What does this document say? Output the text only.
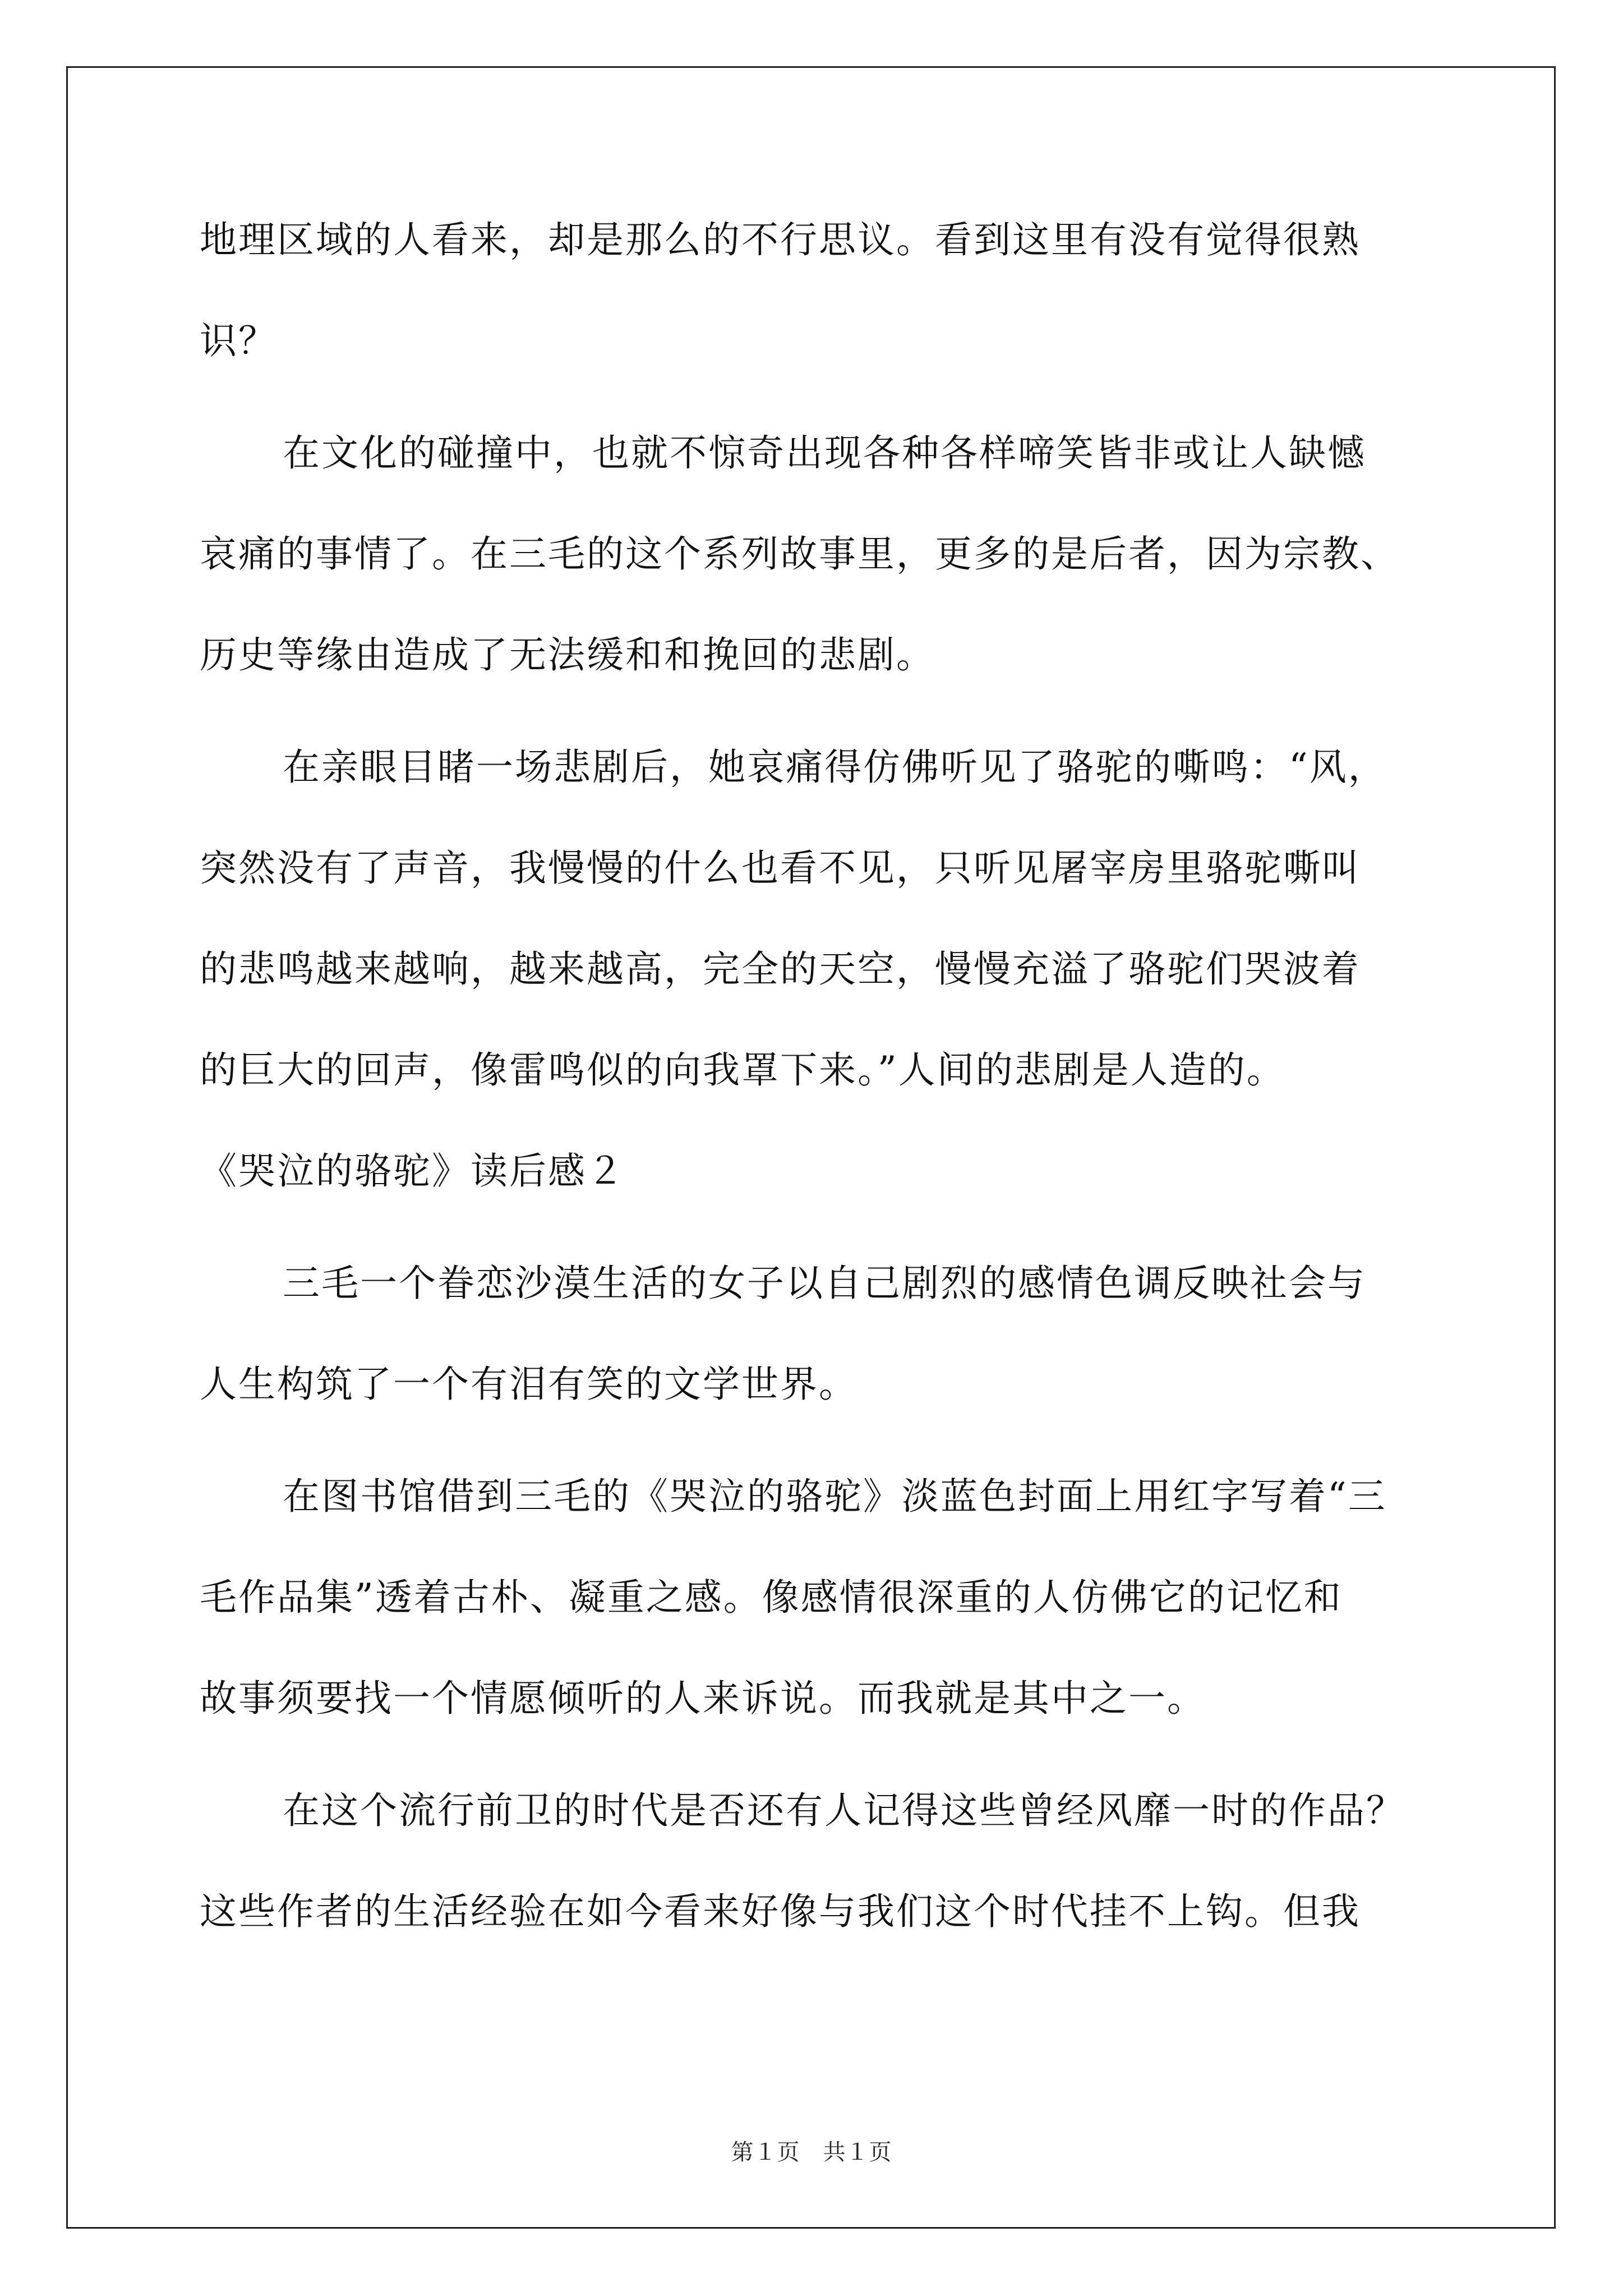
地理区域的人看来，却是那么的不行思议。看到这里有没有觉得很熟
识？
在文化的碰撞中，也就不惊奇出现各种各样啼笑皆非或让人缺憾
哀痛的事情了。在三毛的这个系列故事里，更多的是后者，因为宗教、
历史等缘由造成了无法缓和和挽回的悲剧。
在亲眼目睹一场悲剧后，她哀痛得仿佛听见了骆驼的嘶鸣：“风，
突然没有了声音，我慢慢的什么也看不见，只听见屠宰房里骆驼嘶叫
的悲鸣越来越响，越来越高，完全的天空，慢慢充溢了骆驼们哭波着
的巨大的回声，像雷鸣似的向我罩下来。”人间的悲剧是人造的。
《哭泣的骆驼》读后感２
三毛一个眷恋沙漠生活的女子以自己剧烈的感情色调反映社会与
人生构筑了一个有泪有笑的文学世界。
在图书馆借到三毛的《哭泣的骆驼》淡蓝色封面上用红字写着“三
毛作品集”透着古朴、凝重之感。像感情很深重的人仿佛它的记忆和
故事须要找一个情愿倾听的人来诉说。而我就是其中之一。
在这个流行前卫的时代是否还有人记得这些曾经风靡一时的作品？
这些作者的生活经验在如今看来好像与我们这个时代挂不上钩。但我
第１页　共１页
